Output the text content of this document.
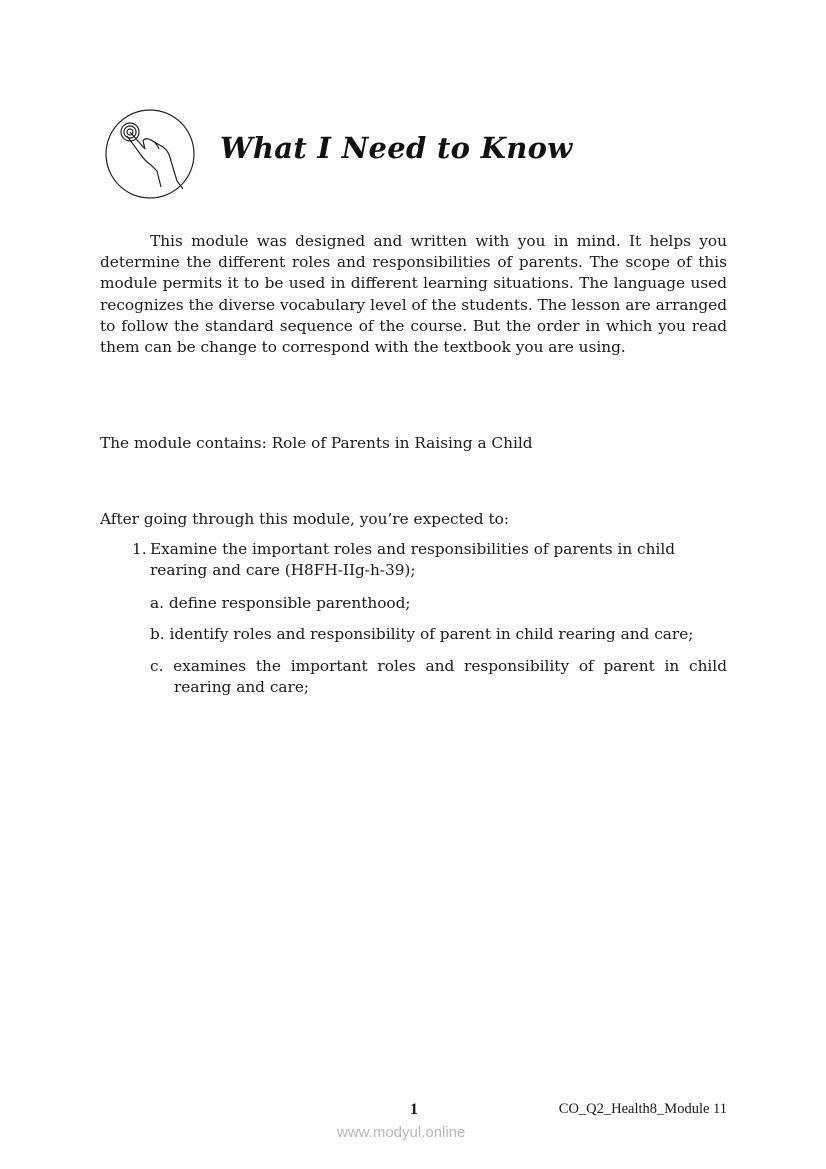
What I Need to Know
This module was designed and written with you in mind. It helps you determine the different roles and responsibilities of parents. The scope of this module permits it to be used in different learning situations. The language used recognizes the diverse vocabulary level of the students. The lesson are arranged to follow the standard sequence of the course. But the order in which you read them can be change to correspond with the textbook you are using.
The module contains: Role of Parents in Raising a Child
After going through this module, you’re expected to:
1. Examine the important roles and responsibilities of parents in child rearing and care (H8FH-IIg-h-39);
a. define responsible parenthood;
b. identify roles and responsibility of parent in child rearing and care;
c. examines the important roles and responsibility of parent in child
rearing and care;
CO_Q2_Health8_Module 11
www.modyul.online
1
